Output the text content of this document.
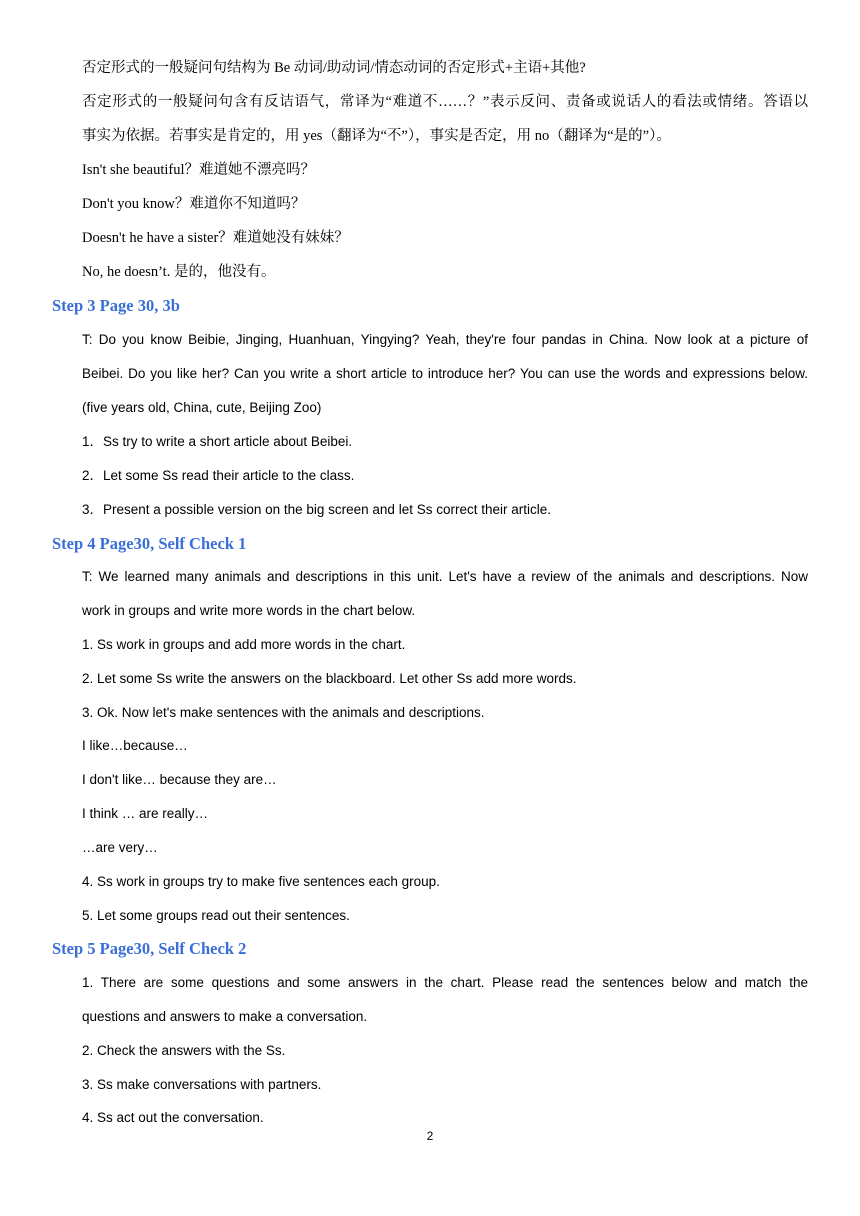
否定形式的一般疑问句结构为 Be 动词/助动词/情态动词的否定形式+主语+其他?

否定形式的一般疑问句含有反诘语气，常译为“难道不……？”表示反问、责备或说话人的看法或情绪。答语以

事实为依据。若事实是肯定的，用 yes（翻译为“不”），事实是否定，用 no（翻译为“是的”）。

Isn't she beautiful？难道她不漂亮吗？

Don't you know？难道你不知道吗？

Doesn't he have a sister？难道她没有妹妹？

No, he doesn’t. 是的，他没有。

Step 3 Page 30, 3b

T: Do you know Beibie, Jinging, Huanhuan, Yingying? Yeah, they're four pandas in China. Now look at a picture of

Beibei. Do you like her? Can you write a short article to introduce her? You can use the words and expressions below.

(five years old, China, cute, Beijing Zoo)

1．Ss try to write a short article about Beibei.

2．Let some Ss read their article to the class.

3．Present a possible version on the big screen and let Ss correct their article.

Step 4 Page30, Self Check 1

T: We learned many animals and descriptions in this unit. Let's have a review of the animals and descriptions. Now

work in groups and write more words in the chart below.

1. Ss work in groups and add more words in the chart.

2. Let some Ss write the answers on the blackboard. Let other Ss add more words.

3. Ok. Now let's make sentences with the animals and descriptions.

I like…because…

I don't like… because they are…

I think … are really…

…are very…

4. Ss work in groups try to make five sentences each group.

5. Let some groups read out their sentences.

Step 5 Page30, Self Check 2

1. There are some questions and some answers in the chart. Please read the sentences below and match the

questions and answers to make a conversation.

2. Check the answers with the Ss.

3. Ss make conversations with partners.

4. Ss act out the conversation.

2
